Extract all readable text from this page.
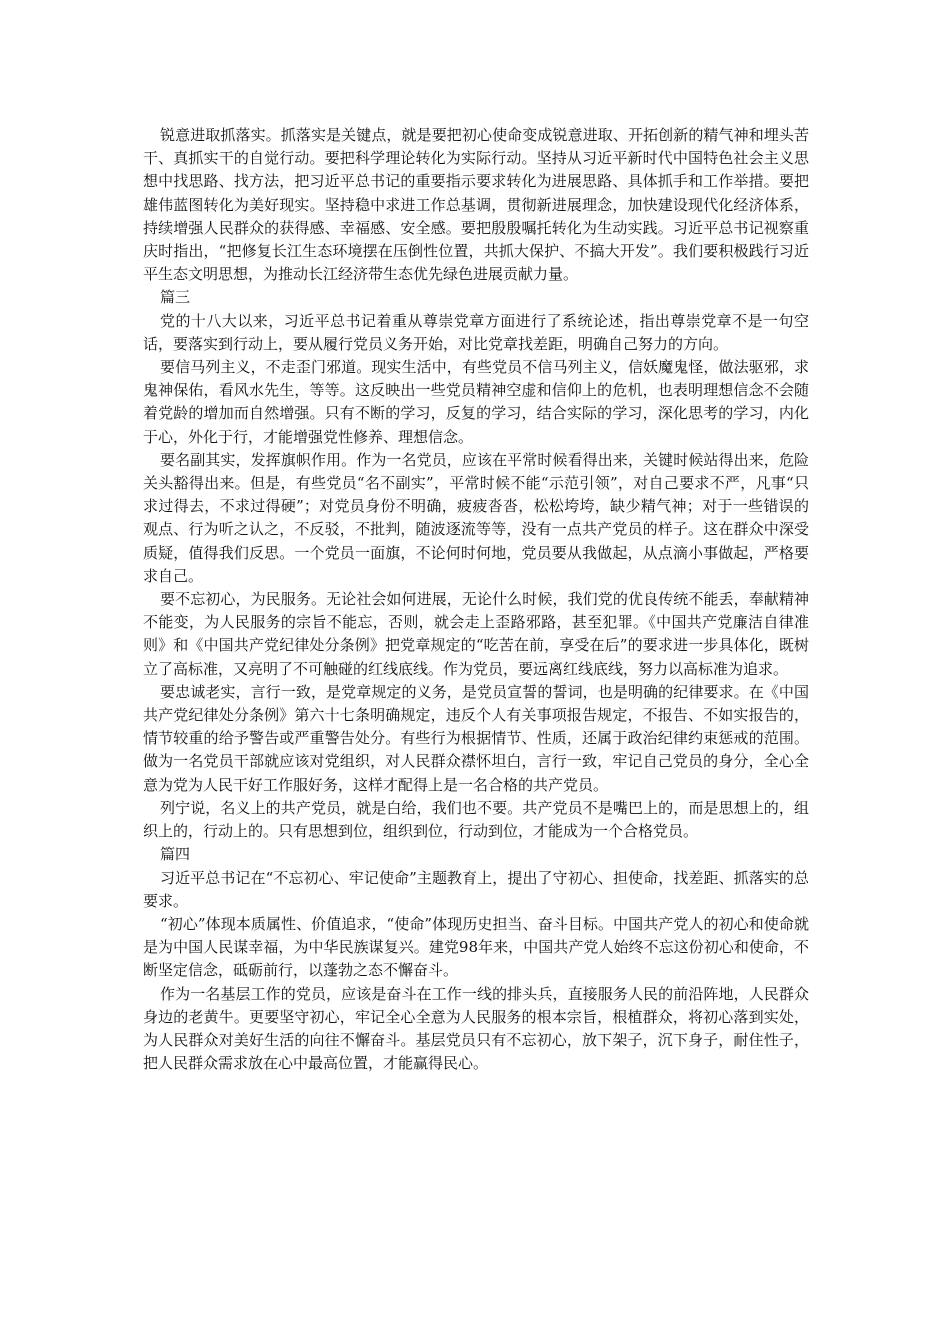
锐意进取抓落实。抓落实是关键点，就是要把初心使命变成锐意进取、开拓创新的精气神和埋头苦干、真抓实干的自觉行动。要把科学理论转化为实际行动。坚持从习近平新时代中国特色社会主义思想中找思路、找方法，把习近平总书记的重要指示要求转化为进展思路、具体抓手和工作举措。要把雄伟蓝图转化为美好现实。坚持稳中求进工作总基调，贯彻新进展理念，加快建设现代化经济体系，持续增强人民群众的获得感、幸福感、安全感。要把殷殷嘱托转化为生动实践。习近平总书记视察重庆时指出，“把修复长江生态环境摆在压倒性位置，共抓大保护、不搞大开发”。我们要积极践行习近平生态文明思想，为推动长江经济带生态优先绿色进展贡献力量。

篇三

党的十八大以来，习近平总书记着重从尊崇党章方面进行了系统论述，指出尊崇党章不是一句空话，要落实到行动上，要从履行党员义务开始，对比党章找差距，明确自己努力的方向。

要信马列主义，不走歪门邪道。现实生活中，有些党员不信马列主义，信妖魔鬼怪，做法驱邪，求鬼神保佑，看风水先生，等等。这反映出一些党员精神空虚和信仰上的危机，也表明理想信念不会随着党龄的增加而自然增强。只有不断的学习，反复的学习，结合实际的学习，深化思考的学习，内化于心，外化于行，才能增强党性修养、理想信念。

要名副其实，发挥旗帜作用。作为一名党员，应该在平常时候看得出来，关键时候站得出来，危险关头豁得出来。但是，有些党员“名不副实”，平常时候不能“示范引领”，对自己要求不严，凡事“只求过得去，不求过得硬”；对党员身份不明确，疲疲沓沓，松松垮垮，缺少精气神；对于一些错误的观点、行为听之认之，不反驳，不批判，随波逐流等等，没有一点共产党员的样子。这在群众中深受质疑，值得我们反思。一个党员一面旗，不论何时何地，党员要从我做起，从点滴小事做起，严格要求自己。

要不忘初心，为民服务。无论社会如何进展，无论什么时候，我们党的优良传统不能丢，奉献精神不能变，为人民服务的宗旨不能忘，否则，就会走上歪路邪路，甚至犯罪。《中国共产党廉洁自律准则》和《中国共产党纪律处分条例》把党章规定的“吃苦在前，享受在后”的要求进一步具体化，既树立了高标准，又亮明了不可触碰的红线底线。作为党员，要远离红线底线，努力以高标准为追求。

要忠诚老实，言行一致，是党章规定的义务，是党员宣誓的誓词，也是明确的纪律要求。在《中国共产党纪律处分条例》第六十七条明确规定，违反个人有关事项报告规定，不报告、不如实报告的，情节较重的给予警告或严重警告处分。有些行为根据情节、性质，还属于政治纪律约束惩戒的范围。做为一名党员干部就应该对党组织，对人民群众襟怀坦白，言行一致，牢记自己党员的身分，全心全意为党为人民干好工作服好务，这样才配得上是一名合格的共产党员。

列宁说，名义上的共产党员，就是白给，我们也不要。共产党员不是嘴巴上的，而是思想上的，组织上的，行动上的。只有思想到位，组织到位，行动到位，才能成为一个合格党员。

篇四

习近平总书记在“不忘初心、牢记使命”主题教育上，提出了守初心、担使命，找差距、抓落实的总要求。

“初心”体现本质属性、价值追求，“使命”体现历史担当、奋斗目标。中国共产党人的初心和使命就是为中国人民谋幸福，为中华民族谋复兴。建党98年来，中国共产党人始终不忘这份初心和使命，不断坚定信念，砥砺前行，以蓬勃之态不懈奋斗。

作为一名基层工作的党员，应该是奋斗在工作一线的排头兵，直接服务人民的前沿阵地，人民群众身边的老黄牛。更要坚守初心，牢记全心全意为人民服务的根本宗旨，根植群众，将初心落到实处，为人民群众对美好生活的向往不懈奋斗。基层党员只有不忘初心，放下架子，沉下身子，耐住性子，把人民群众需求放在心中最高位置，才能赢得民心。
